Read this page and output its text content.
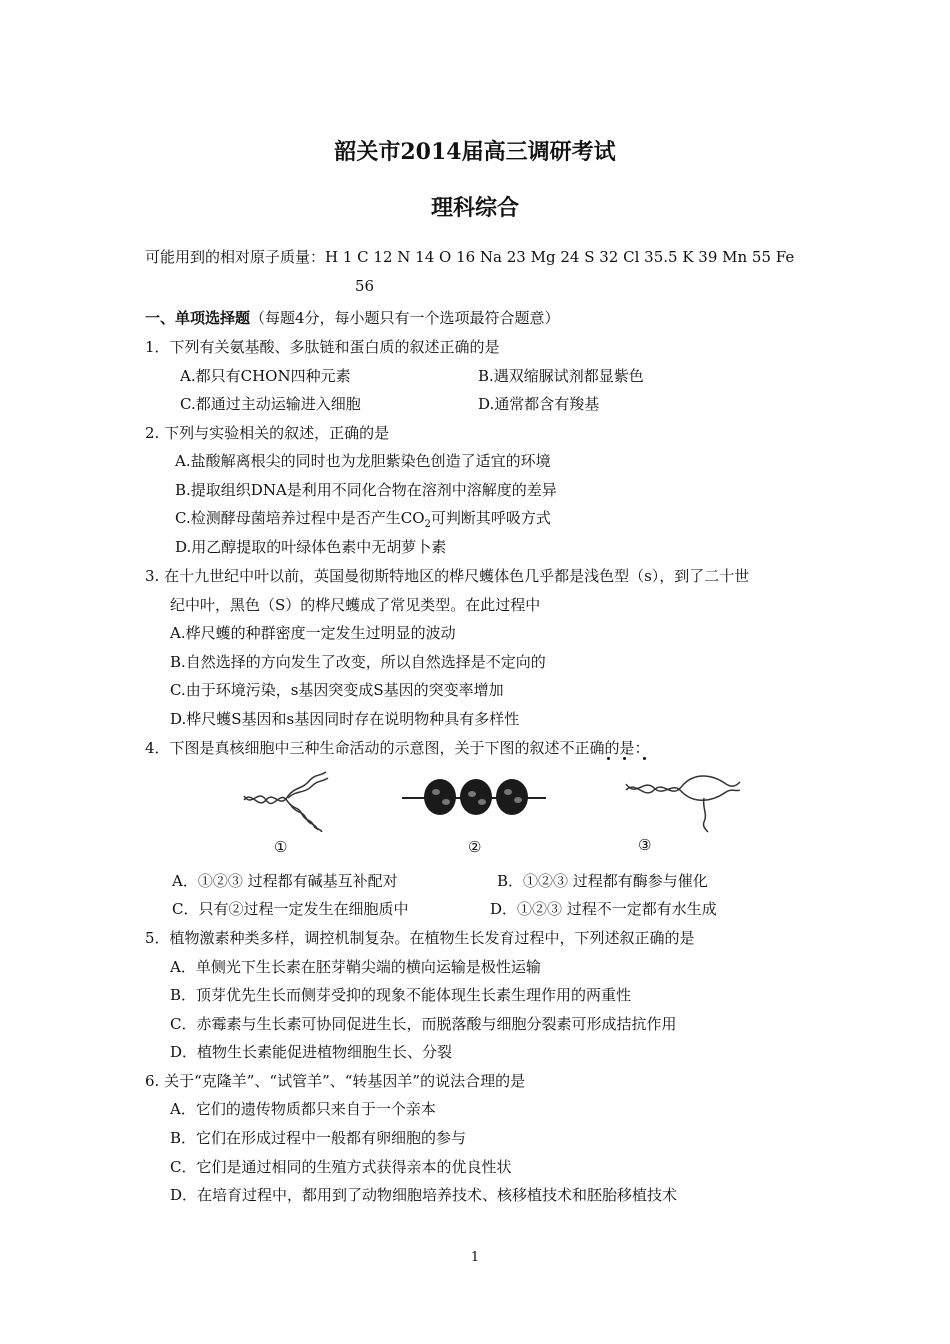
韶关市2014届高三调研考试
理科综合
可能用到的相对原子质量：H 1 C 12 N 14 O 16 Na 23 Mg 24 S 32 Cl 35.5 K 39 Mn 55 Fe
56
一、单项选择题（每题4分，每小题只有一个选项最符合题意）
1．下列有关氨基酸、多肽链和蛋白质的叙述正确的是
A.都只有CHON四种元素	B.遇双缩脲试剂都显紫色
C.都通过主动运输进入细胞	D.通常都含有羧基
2. 下列与实验相关的叙述，正确的是
A.盐酸解离根尖的同时也为龙胆紫染色创造了适宜的环境
B.提取组织DNA是利用不同化合物在溶剂中溶解度的差异
C.检测酵母菌培养过程中是否产生$CO_2$可判断其呼吸方式
D.用乙醇提取的叶绿体色素中无胡萝卜素
3. 在十九世纪中叶以前，英国曼彻斯特地区的桦尺蠖体色几乎都是浅色型（s），到了二十世
纪中叶，黑色（S）的桦尺蠖成了常见类型。在此过程中
A.桦尺蠖的种群密度一定发生过明显的波动
B.自然选择的方向发生了改变，所以自然选择是不定向的
C.由于环境污染，s基因突变成S基因的突变率增加
D.桦尺蠖S基因和s基因同时存在说明物种具有多样性
4．下图是真核细胞中三种生命活动的示意图，关于下图的叙述不正确的是：
①	②	③
A．①②③ 过程都有碱基互补配对	B．①②③ 过程都有酶参与催化
C．只有②过程一定发生在细胞质中	D．①②③ 过程不一定都有水生成
5．植物激素种类多样，调控机制复杂。在植物生长发育过程中，下列述叙正确的是
A．单侧光下生长素在胚芽鞘尖端的横向运输是极性运输
B．顶芽优先生长而侧芽受抑的现象不能体现生长素生理作用的两重性
C．赤霉素与生长素可协同促进生长，而脱落酸与细胞分裂素可形成拮抗作用
D．植物生长素能促进植物细胞生长、分裂
6. 关于“克隆羊”、“试管羊”、“转基因羊”的说法合理的是
A．它们的遗传物质都只来自于一个亲本
B．它们在形成过程中一般都有卵细胞的参与
C．它们是通过相同的生殖方式获得亲本的优良性状
D．在培育过程中，都用到了动物细胞培养技术、核移植技术和胚胎移植技术
1
